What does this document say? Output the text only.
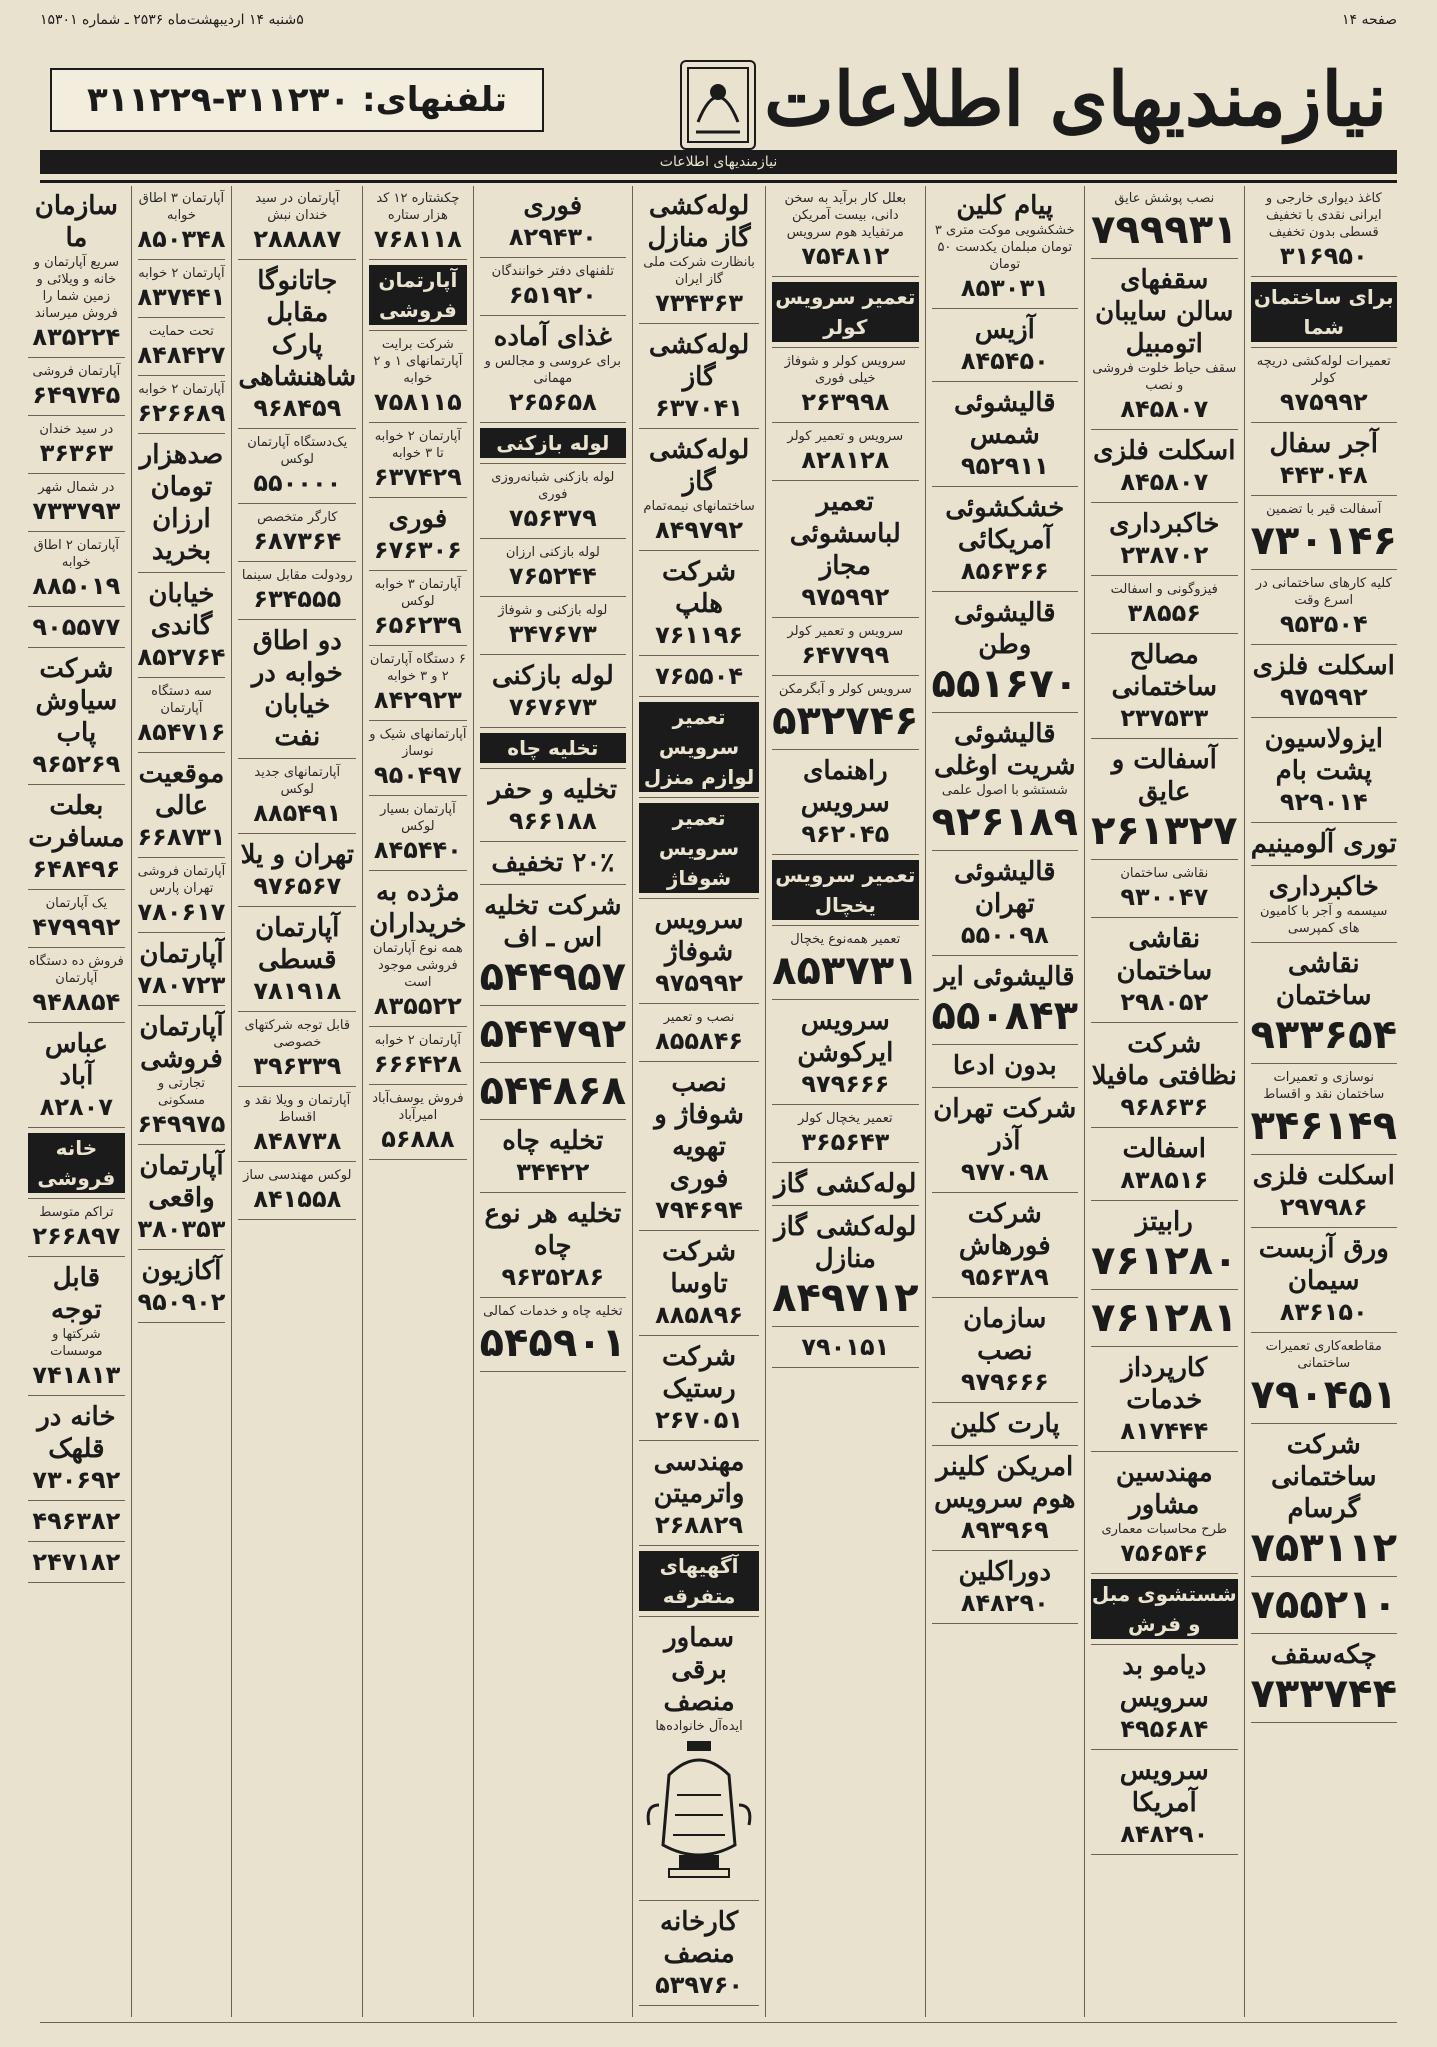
صفحه ۱۴
۵شنبه ۱۴ اردیبهشت‌ماه ۲۵۳۶ ـ شماره ۱۵۳۰۱
نیازمندیهای اطلاعات
تلفنهای: ۳۱۱۲۳۰-۳۱۱۲۲۹
نیازمندیهای اطلاعات
کاغذ دیواری خارجی و ایرانی نقدی با تخفیف قسطی بدون تخفیف
۳۱۶۹۵۰
برای ساختمان شما
تعمیرات لوله‌کشی دریچه کولر
۹۷۵۹۹۲
آجر سفال
۴۴۳۰۴۸
آسفالت قیر با تضمین
۷۳۰۱۴۶
کلیه کارهای ساختمانی در اسرع وقت
۹۵۳۵۰۴
اسکلت فلزی
۹۷۵۹۹۲
ایزولاسیون پشت بام
۹۲۹۰۱۴
توری آلومینیم
خاکبرداری
سیسمه و آجر با کامیون های کمپرسی
نقاشی ساختمان
۹۳۳۶۵۴
نوسازی و تعمیرات ساختمان نقد و اقساط
۳۴۶۱۴۹
اسکلت فلزی
۲۹۷۹۸۶
ورق آزبست سیمان
۸۳۶۱۵۰
مقاطعه‌کاری تعمیرات ساختمانی
۷۹۰۴۵۱
شرکت ساختمانی گرسام
۷۵۳۱۱۲
۷۵۵۲۱۰
چکه‌سقف
۷۳۳۷۴۴
نصب پوشش عایق
۷۹۹۹۳۱
سقفهای سالن سایبان اتومبیل
سقف حیاط خلوت فروشی و نصب
۸۴۵۸۰۷
اسکلت فلزی
۸۴۵۸۰۷
خاکبرداری
۲۳۸۷۰۲
فیزوگونی و اسفالت
۳۸۵۵۶
مصالح ساختمانی
۲۳۷۵۳۳
آسفالت و عایق
۲۶۱۳۲۷
نقاشی ساختمان
۹۳۰۰۴۷
نقاشی ساختمان
۲۹۸۰۵۲
شرکت نظافتی مافیلا
۹۶۸۶۳۶
اسفالت
۸۳۸۵۱۶
رابیتز
۷۶۱۲۸۰
۷۶۱۲۸۱
کارپرداز خدمات
۸۱۷۴۴۴
مهندسین مشاور
طرح محاسبات معماری
۷۵۶۵۴۶
شستشوی مبل و فرش
دیامو بد سرویس
۴۹۵۶۸۴
سرویس آمریکا
۸۴۸۲۹۰
پیام کلین
خشکشویی موکت متری ۳ تومان مبلمان یکدست ۵۰ تومان
۸۵۳۰۳۱
آزیس
۸۴۵۴۵۰
قالیشوئی شمس
۹۵۲۹۱۱
خشکشوئی آمریکائی
۸۵۶۳۶۶
قالیشوئی وطن
۵۵۱۶۷۰
قالیشوئی شریت اوغلی
شستشو با اصول علمی
۹۲۶۱۸۹
قالیشوئی تهران
۵۵۰۰۹۸
قالیشوئی ایر
۵۵۰۸۴۳
بدون ادعا
شرکت تهران آذر
۹۷۷۰۹۸
شرکت فورهاش
۹۵۶۳۸۹
سازمان نصب
۹۷۹۶۶۶
پارت کلین
امریکن کلینر هوم سرویس
۸۹۳۹۶۹
دوراکلین
۸۴۸۲۹۰
بعلل کار برآید به سخن دانی، بیست آمریکن مرتفیاید هوم سرویس
۷۵۴۸۱۲
تعمیر سرویس کولر
سرویس کولر و شوفاژ خیلی فوری
۲۶۳۹۹۸
سرویس و تعمیر کولر
۸۲۸۱۲۸
تعمیر لباسشوئی مجاز
۹۷۵۹۹۲
سرویس و تعمیر کولر
۶۴۷۷۹۹
سرویس کولر و آبگرمکن
۵۳۲۷۴۶
راهنمای سرویس
۹۶۲۰۴۵
تعمیر سرویس یخچال
تعمیر همه‌نوع یخچال
۸۵۳۷۳۱
سرویس ایرکوشن
۹۷۹۶۶۶
تعمیر یخچال کولر
۳۶۵۶۴۳
لوله‌کشی گاز
لوله‌کشی گاز منازل
۸۴۹۷۱۲
۷۹۰۱۵۱
لوله‌کشی گاز منازل
بانظارت شرکت ملی گاز ایران
۷۳۴۳۶۳
لوله‌کشی گاز
۶۳۷۰۴۱
لوله‌کشی گاز
ساختمانهای نیمه‌تمام
۸۴۹۷۹۲
شرکت هلپ
۷۶۱۱۹۶
۷۶۵۵۰۴
تعمیر سرویس لوازم منزل
تعمیر سرویس شوفاژ
سرویس شوفاژ
۹۷۵۹۹۲
نصب و تعمیر
۸۵۵۸۴۶
نصب شوفاژ و تهویه فوری
۷۹۴۶۹۴
شرکت تاوسا
۸۸۵۸۹۶
شرکت رستیک
۲۶۷۰۵۱
مهندسی واترمیتن
۲۶۸۸۲۹
آگهیهای متفرقه
سماور برقی منصف
ایده‌آل خانواده‌ها
کارخانه منصف
۵۳۹۷۶۰
فوری
۸۲۹۴۳۰
تلفنهای دفتر خوانندگان
۶۵۱۹۲۰
غذای آماده
برای عروسی و مجالس و مهمانی
۲۶۵۶۵۸
لوله بازکنی
لوله بازکنی شبانه‌روزی فوری
۷۵۶۳۷۹
لوله بازکنی ارزان
۷۶۵۲۴۴
لوله بازکنی و شوفاژ
۳۴۷۶۷۳
لوله بازکنی
۷۶۷۶۷۳
تخلیه چاه
تخلیه و حفر
۹۶۶۱۸۸
۲۰٪ تخفیف
شرکت تخلیه اس ـ اف
۵۴۴۹۵۷
۵۴۴۷۹۲
۵۴۴۸۶۸
تخلیه چاه
۳۴۴۲۲
تخلیه هر نوع چاه
۹۶۳۵۲۸۶
تخلیه چاه و خدمات کمالی
۵۴۵۹۰۱
چکشتاره ۱۲ کد هزار ستاره
۷۶۸۱۱۸
آپارتمان فروشی
شرکت برایت آپارتمانهای ۱ و ۲ خوابه
۷۵۸۱۱۵
آپارتمان ۲ خوابه تا ۳ خوابه
۶۳۷۴۲۹
فوری
۶۷۶۳۰۶
آپارتمان ۳ خوابه لوکس
۶۵۶۲۳۹
۶ دستگاه آپارتمان ۲ و ۳ خوابه
۸۴۲۹۲۳
آپارتمانهای شیک و نوساز
۹۵۰۴۹۷
آپارتمان بسیار لوکس
۸۴۵۴۴۰
مژده به خریداران
همه نوع آپارتمان فروشی موجود است
۸۳۵۵۲۲
آپارتمان ۲ خوابه
۶۶۶۴۲۸
فروش یوسف‌آباد امیرآباد
۵۶۸۸۸
آپارتمان در سید خندان نبش
۲۸۸۸۸۷
جاتانوگا مقابل پارک شاهنشاهی
۹۶۸۴۵۹
یک‌دستگاه آپارتمان لوکس
۵۵۰۰۰۰
کارگر متخصص
۶۸۷۳۶۴
رودولت مقابل سینما
۶۳۴۵۵۵
دو اطاق خوابه در خیابان نفت
آپارتمانهای جدید لوکس
۸۸۵۴۹۱
تهران و یلا
۹۷۶۵۶۷
آپارتمان قسطی
۷۸۱۹۱۸
قابل توجه شرکتهای خصوصی
۳۹۶۳۳۹
آپارتمان و ویلا نقد و اقساط
۸۴۸۷۳۸
لوکس مهندسی ساز
۸۴۱۵۵۸
آپارتمان ۳ اطاق خوابه
۸۵۰۳۴۸
آپارتمان ۲ خوابه
۸۳۷۴۴۱
تحت حمایت
۸۴۸۴۲۷
آپارتمان ۲ خوابه
۶۲۶۶۸۹
صدهزار تومان ارزان بخرید
خیابان گاندی
۸۵۲۷۶۴
سه دستگاه آپارتمان
۸۵۴۷۱۶
موقعیت عالی
۶۶۸۷۳۱
آپارتمان فروشی تهران پارس
۷۸۰۶۱۷
آپارتمان
۷۸۰۷۲۳
آپارتمان فروشی
تجارتی و مسکونی
۶۴۹۹۷۵
آپارتمان واقعی
۳۸۰۳۵۳
آکازیون
۹۵۰۹۰۲
سازمان ما
سریع آپارتمان و خانه و ویلائی و زمین شما را فروش میرساند
۸۳۵۲۲۴
آپارتمان فروشی
۶۴۹۷۴۵
در سید خندان
۳۶۳۶۳
در شمال شهر
۷۳۳۷۹۳
آپارتمان ۲ اطاق خوابه
۸۸۵۰۱۹
۹۰۵۵۷۷
شرکت سیاوش پاب
۹۶۵۲۶۹
بعلت مسافرت
۶۴۸۴۹۶
یک آپارتمان
۴۷۹۹۹۲
فروش ده دستگاه آپارتمان
۹۴۸۸۵۴
عباس آباد
۸۲۸۰۷
خانه فروشی
تراکم متوسط
۲۶۶۸۹۷
قابل توجه
شرکتها و موسسات
۷۴۱۸۱۳
خانه در قلهک
۷۳۰۶۹۲
۴۹۶۳۸۲
۲۴۷۱۸۲
